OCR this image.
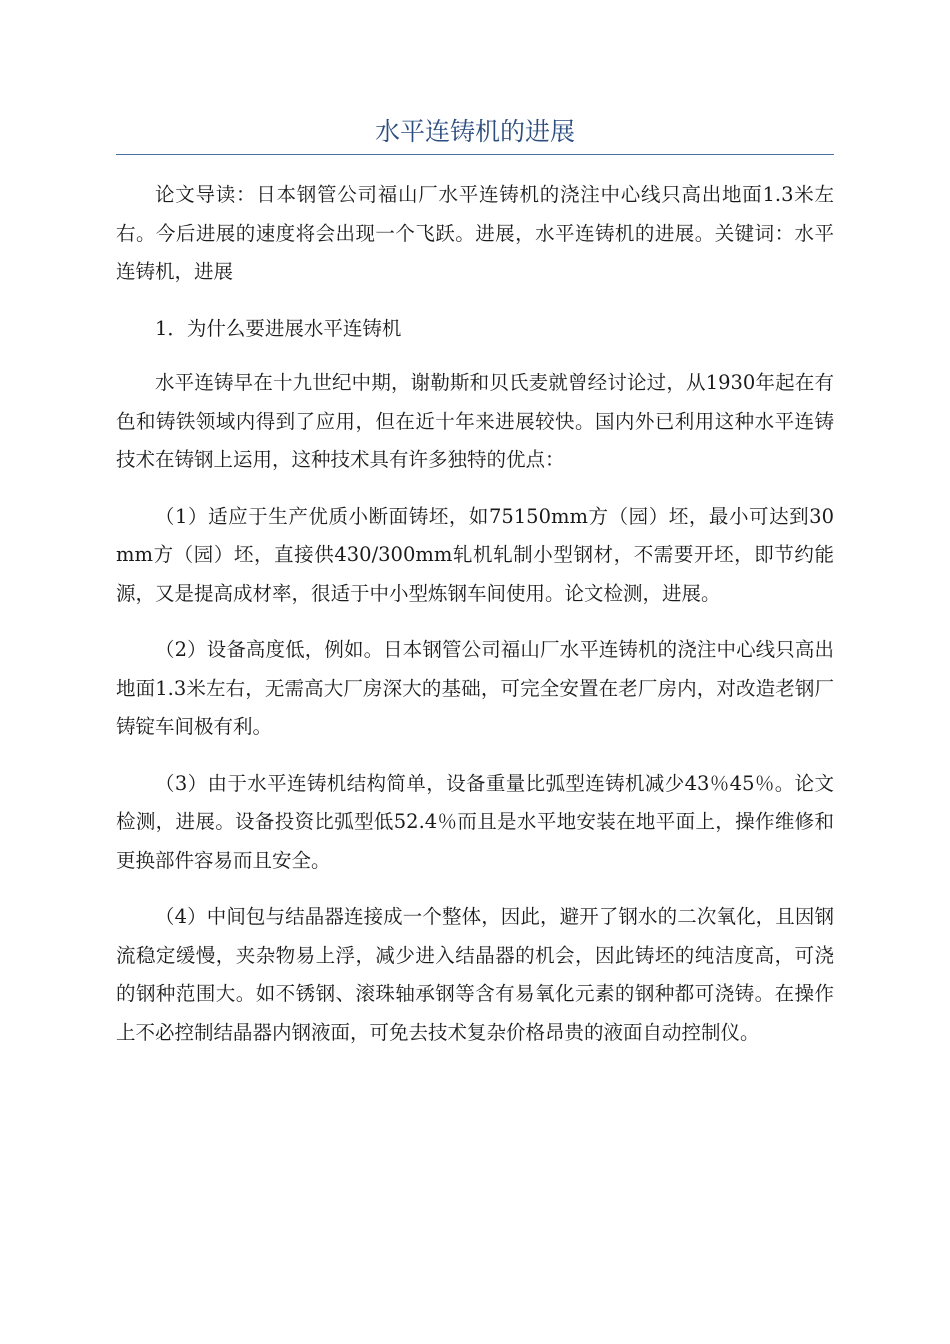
水平连铸机的进展

论文导读：日本钢管公司福山厂水平连铸机的浇注中心线只高出地面1.3米左右。今后进展的速度将会出现一个飞跃。进展，水平连铸机的进展。关键词：水平连铸机，进展

1．为什么要进展水平连铸机

水平连铸早在十九世纪中期，谢勒斯和贝氏麦就曾经讨论过，从1930年起在有色和铸铁领域内得到了应用，但在近十年来进展较快。国内外已利用这种水平连铸技术在铸钢上运用，这种技术具有许多独特的优点：

（1）适应于生产优质小断面铸坯，如75150mm方（园）坯，最小可达到30mm方（园）坯，直接供430/300mm轧机轧制小型钢材，不需要开坯，即节约能源，又是提高成材率，很适于中小型炼钢车间使用。论文检测，进展。

（2）设备高度低，例如。日本钢管公司福山厂水平连铸机的浇注中心线只高出地面1.3米左右，无需高大厂房深大的基础，可完全安置在老厂房内，对改造老钢厂铸锭车间极有利。

（3）由于水平连铸机结构简单，设备重量比弧型连铸机减少43％45％。论文检测，进展。设备投资比弧型低52.4％而且是水平地安装在地平面上，操作维修和更换部件容易而且安全。

（4）中间包与结晶器连接成一个整体，因此，避开了钢水的二次氧化，且因钢流稳定缓慢，夹杂物易上浮，减少进入结晶器的机会，因此铸坯的纯洁度高，可浇的钢种范围大。如不锈钢、滚珠轴承钢等含有易氧化元素的钢种都可浇铸。在操作上不必控制结晶器内钢液面，可免去技术复杂价格昂贵的液面自动控制仪。
